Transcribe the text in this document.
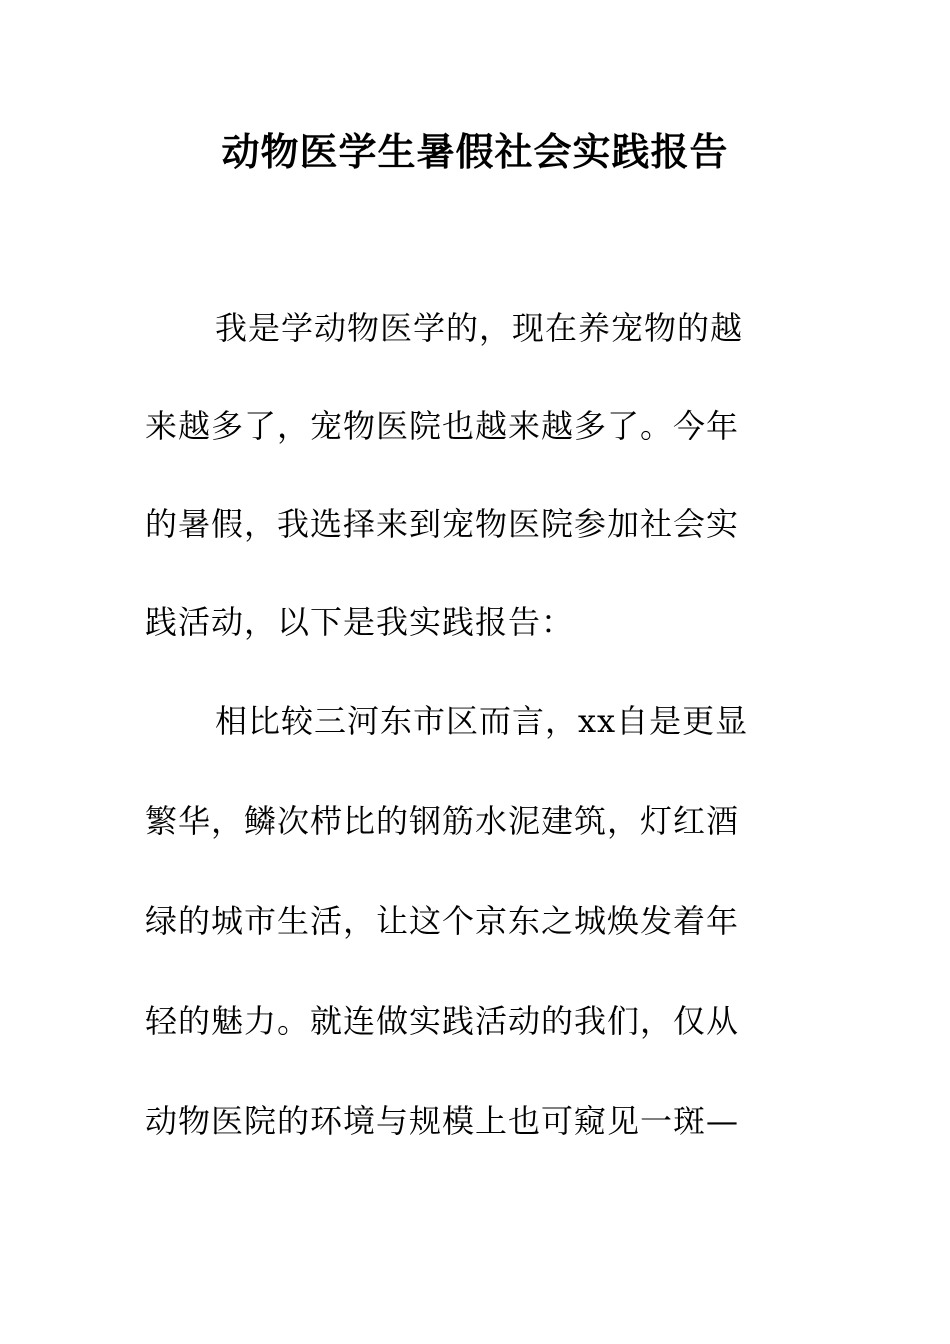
动物医学生暑假社会实践报告
我是学动物医学的，现在养宠物的越
来越多了，宠物医院也越来越多了。今年
的暑假，我选择来到宠物医院参加社会实
践活动，以下是我实践报告：
相比较三河东市区而言，xx自是更显
繁华，鳞次栉比的钢筋水泥建筑，灯红酒
绿的城市生活，让这个京东之城焕发着年
轻的魅力。就连做实践活动的我们，仅从
动物医院的环境与规模上也可窥见一斑—
